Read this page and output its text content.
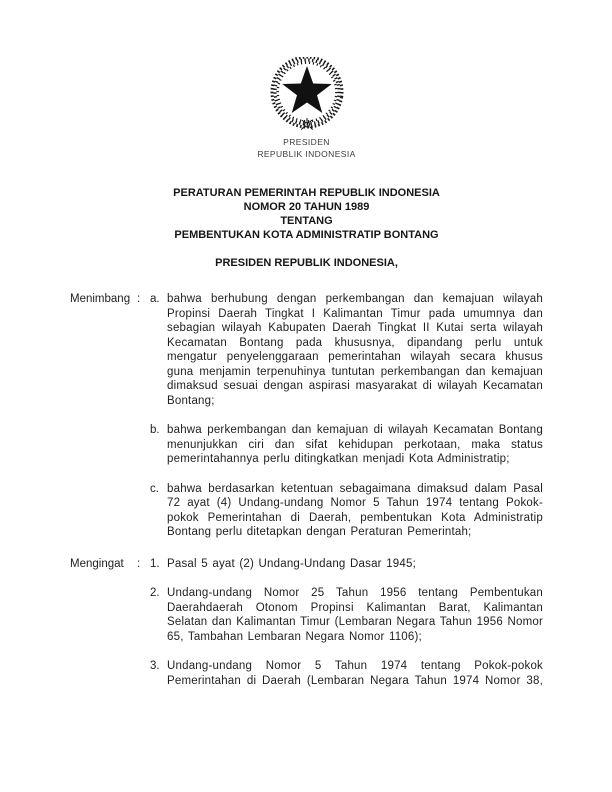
PRESIDEN
REPUBLIK INDONESIA
PERATURAN PEMERINTAH REPUBLIK INDONESIA
NOMOR 20 TAHUN 1989
TENTANG
PEMBENTUKAN KOTA ADMINISTRATIP BONTANG
PRESIDEN REPUBLIK INDONESIA,
Menimbang : a. bahwa berhubung dengan perkembangan dan kemajuan wilayah Propinsi Daerah Tingkat I Kalimantan Timur pada umumnya dan sebagian wilayah Kabupaten Daerah Tingkat II Kutai serta wilayah Kecamatan Bontang pada khususnya, dipandang perlu untuk mengatur penyelenggaraan pemerintahan wilayah secara khusus guna menjamin terpenuhinya tuntutan perkembangan dan kemajuan dimaksud sesuai dengan aspirasi masyarakat di wilayah Kecamatan Bontang;
b. bahwa perkembangan dan kemajuan di wilayah Kecamatan Bontang menunjukkan ciri dan sifat kehidupan perkotaan, maka status pemerintahannya perlu ditingkatkan menjadi Kota Administratip;
c. bahwa berdasarkan ketentuan sebagaimana dimaksud dalam Pasal 72 ayat (4) Undang-undang Nomor 5 Tahun 1974 tentang Pokok-pokok Pemerintahan di Daerah, pembentukan Kota Administratip Bontang perlu ditetapkan dengan Peraturan Pemerintah;
Mengingat	: 1. Pasal 5 ayat (2) Undang-Undang Dasar 1945;
2. Undang-undang Nomor 25 Tahun 1956 tentang Pembentukan Daerahdaerah Otonom Propinsi Kalimantan Barat, Kalimantan Selatan dan Kalimantan Timur (Lembaran Negara Tahun 1956 Nomor 65, Tambahan Lembaran Negara Nomor 1106);
3. Undang-undang Nomor 5 Tahun 1974 tentang Pokok-pokok Pemerintahan di Daerah (Lembaran Negara Tahun 1974 Nomor 38,
